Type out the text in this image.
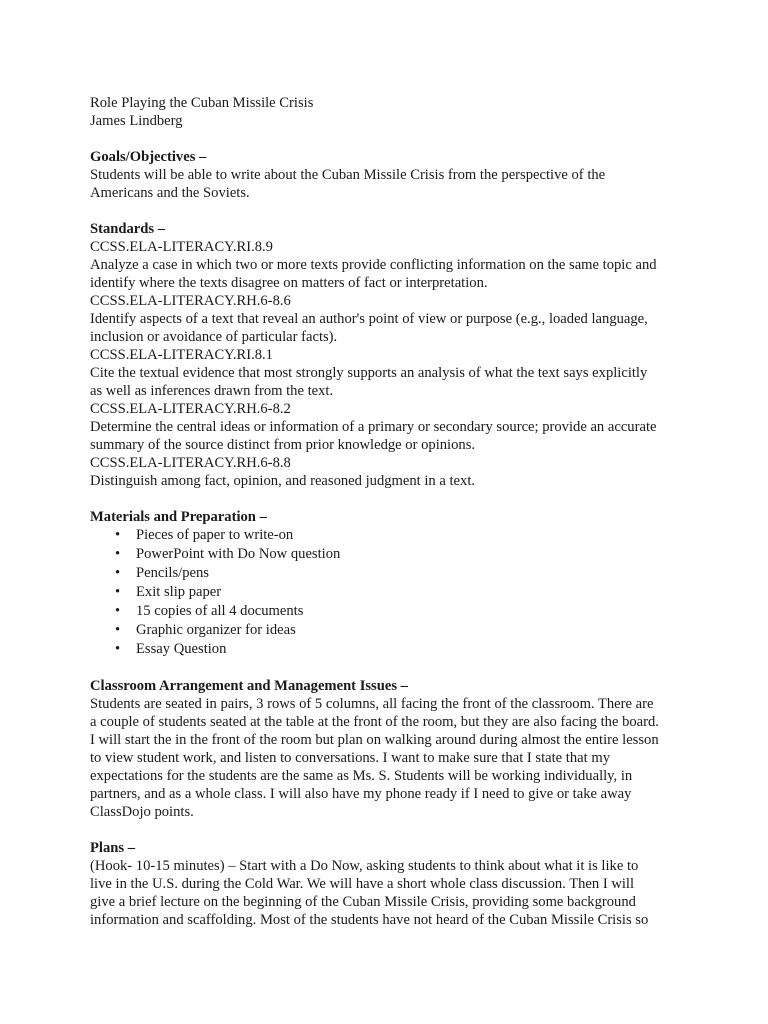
Role Playing the Cuban Missile Crisis
James Lindberg
Goals/Objectives –
Students will be able to write about the Cuban Missile Crisis from the perspective of the
Americans and the Soviets.
Standards –
CCSS.ELA-LITERACY.RI.8.9
Analyze a case in which two or more texts provide conflicting information on the same topic and
identify where the texts disagree on matters of fact or interpretation.
CCSS.ELA-LITERACY.RH.6-8.6
Identify aspects of a text that reveal an author's point of view or purpose (e.g., loaded language,
inclusion or avoidance of particular facts).
CCSS.ELA-LITERACY.RI.8.1
Cite the textual evidence that most strongly supports an analysis of what the text says explicitly
as well as inferences drawn from the text.
CCSS.ELA-LITERACY.RH.6-8.2
Determine the central ideas or information of a primary or secondary source; provide an accurate
summary of the source distinct from prior knowledge or opinions.
CCSS.ELA-LITERACY.RH.6-8.8
Distinguish among fact, opinion, and reasoned judgment in a text.
Materials and Preparation –
• Pieces of paper to write-on
• PowerPoint with Do Now question
• Pencils/pens
• Exit slip paper
• 15 copies of all 4 documents
• Graphic organizer for ideas
• Essay Question
Classroom Arrangement and Management Issues –
Students are seated in pairs, 3 rows of 5 columns, all facing the front of the classroom. There are
a couple of students seated at the table at the front of the room, but they are also facing the board.
I will start the in the front of the room but plan on walking around during almost the entire lesson
to view student work, and listen to conversations. I want to make sure that I state that my
expectations for the students are the same as Ms. S. Students will be working individually, in
partners, and as a whole class. I will also have my phone ready if I need to give or take away
ClassDojo points.
Plans –
(Hook- 10-15 minutes) – Start with a Do Now, asking students to think about what it is like to
live in the U.S. during the Cold War. We will have a short whole class discussion. Then I will
give a brief lecture on the beginning of the Cuban Missile Crisis, providing some background
information and scaffolding. Most of the students have not heard of the Cuban Missile Crisis so
